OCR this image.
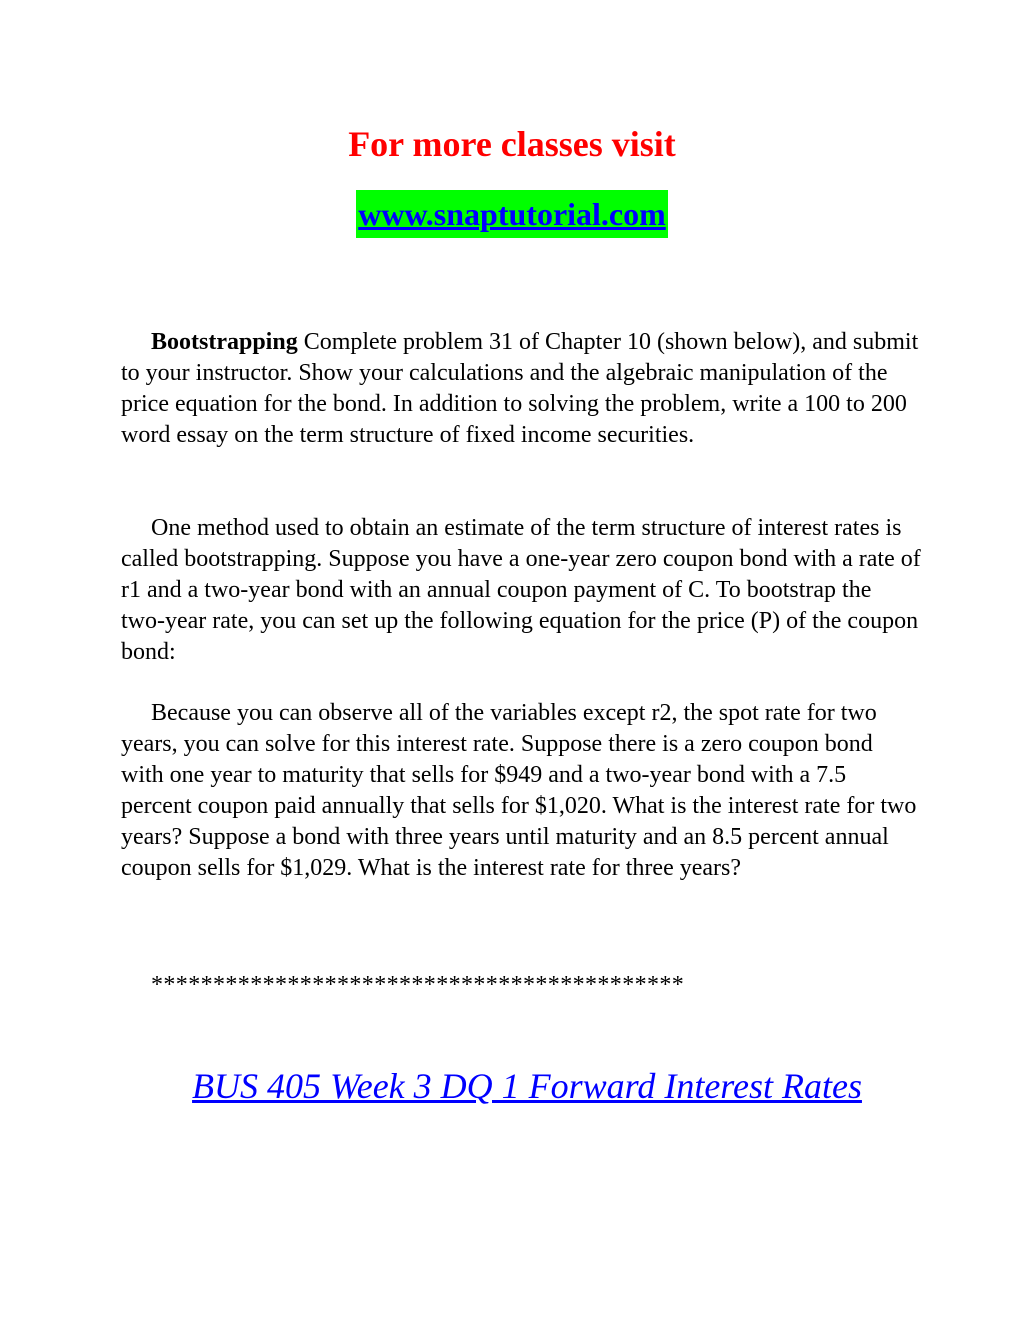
For more classes visit
www.snaptutorial.com

Bootstrapping Complete problem 31 of Chapter 10 (shown below), and submit to your instructor. Show your calculations and the algebraic manipulation of the price equation for the bond. In addition to solving the problem, write a 100 to 200 word essay on the term structure of fixed income securities.

One method used to obtain an estimate of the term structure of interest rates is called bootstrapping. Suppose you have a one-year zero coupon bond with a rate of r1 and a two-year bond with an annual coupon payment of C. To bootstrap the two-year rate, you can set up the following equation for the price (P) of the coupon bond:

Because you can observe all of the variables except r2, the spot rate for two years, you can solve for this interest rate. Suppose there is a zero coupon bond with one year to maturity that sells for $949 and a two-year bond with a 7.5 percent coupon paid annually that sells for $1,020. What is the interest rate for two years? Suppose a bond with three years until maturity and an 8.5 percent annual coupon sells for $1,029. What is the interest rate for three years?

*******************************************

BUS 405 Week 3 DQ 1 Forward Interest Rates
